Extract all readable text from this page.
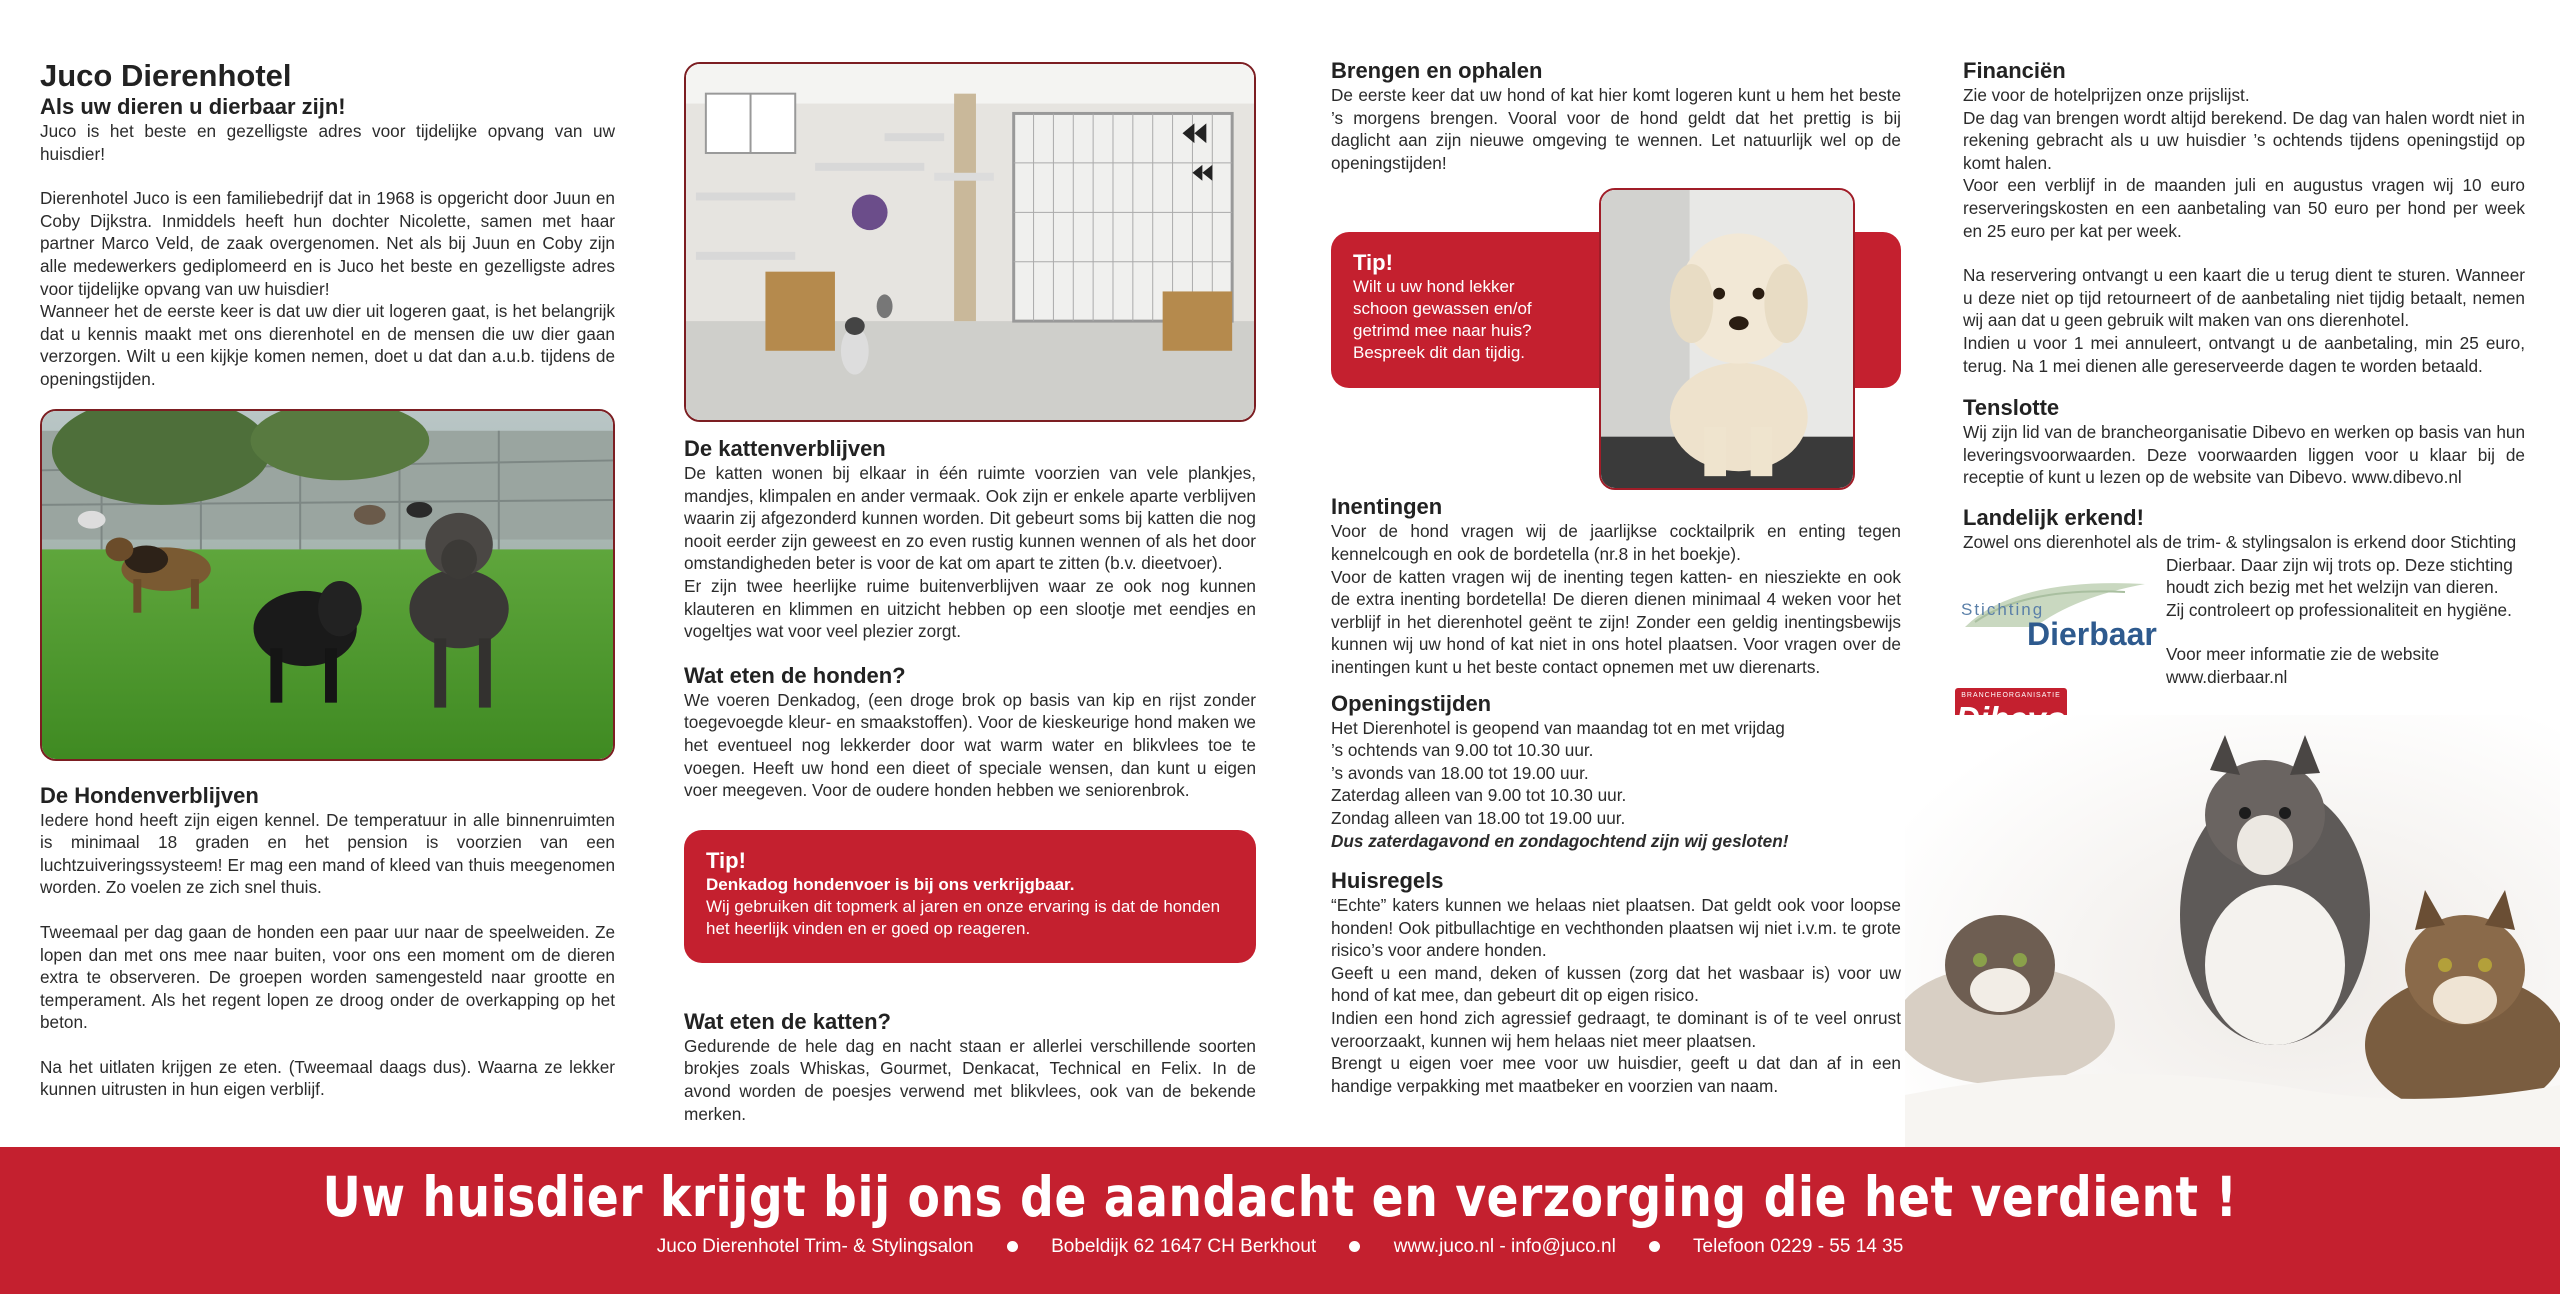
Juco Dierenhotel
Als uw dieren u dierbaar zijn!

Juco is het beste en gezelligste adres voor tijdelijke opvang van uw huisdier!

Dierenhotel Juco is een familiebedrijf dat in 1968 is opgericht door Juun en Coby Dijkstra. Inmiddels heeft hun dochter Nicolette, samen met haar partner Marco Veld, de zaak overgenomen. Net als bij Juun en Coby zijn alle medewerkers gediplomeerd en is Juco het beste en gezelligste adres voor tijdelijke opvang van uw huisdier!

Wanneer het de eerste keer is dat uw dier uit logeren gaat, is het belangrijk dat u kennis maakt met ons dierenhotel en de mensen die uw dier gaan verzorgen. Wilt u een kijkje komen nemen, doet u dat dan a.u.b. tijdens de openingstijden.

De Hondenverblijven

Iedere hond heeft zijn eigen kennel. De temperatuur in alle binnenruimten is minimaal 18 graden en het pension is voorzien van een luchtzuiveringssysteem! Er mag een mand of kleed van thuis meegenomen worden. Zo voelen ze zich snel thuis.

Tweemaal per dag gaan de honden een paar uur naar de speelweiden. Ze lopen dan met ons mee naar buiten, voor ons een moment om de dieren extra te observeren. De groepen worden samengesteld naar grootte en temperament. Als het regent lopen ze droog onder de overkapping op het beton.

Na het uitlaten krijgen ze eten. (Tweemaal daags dus). Waarna ze lekker kunnen uitrusten in hun eigen verblijf.

De kattenverblijven

De katten wonen bij elkaar in één ruimte voorzien van vele plankjes, mandjes, klimpalen en ander vermaak. Ook zijn er enkele aparte verblijven waarin zij afgezonderd kunnen worden. Dit gebeurt soms bij katten die nog nooit eerder zijn geweest en zo even rustig kunnen wennen of als het door omstandigheden beter is voor de kat om apart te zitten (b.v. dieetvoer).

Er zijn twee heerlijke ruime buitenverblijven waar ze ook nog kunnen klauteren en klimmen en uitzicht hebben op een slootje met eendjes en vogeltjes wat voor veel plezier zorgt.

Wat eten de honden?

We voeren Denkadog, (een droge brok op basis van kip en rijst zonder toegevoegde kleur- en smaakstoffen). Voor de kieskeurige hond maken we het eventueel nog lekkerder door wat warm water en blikvlees toe te voegen. Heeft uw hond een dieet of speciale wensen, dan kunt u eigen voer meegeven. Voor de oudere honden hebben we seniorenbrok.

Tip!
Denkadog hondenvoer is bij ons verkrijgbaar.
Wij gebruiken dit topmerk al jaren en onze ervaring is dat de honden het heerlijk vinden en er goed op reageren.
Wat eten de katten?

Gedurende de hele dag en nacht staan er allerlei verschillende soorten brokjes zoals Whiskas, Gourmet, Denkacat, Technical en Felix. In de avond worden de poesjes verwend met blikvlees, ook van de bekende merken.

Brengen en ophalen

De eerste keer dat uw hond of kat hier komt logeren kunt u hem het beste ’s morgens brengen. Vooral voor de hond geldt dat het prettig is bij daglicht aan zijn nieuwe omgeving te wennen. Let natuurlijk wel op de openingstijden!

Tip!
Wilt u uw hond lekker
schoon gewassen en/of
getrimd mee naar huis?
Bespreek dit dan tijdig.
Inentingen

Voor de hond vragen wij de jaarlijkse cocktailprik en enting tegen kennelcough en ook de bordetella (nr.8 in het boekje).

Voor de katten vragen wij de inenting tegen katten- en niesziekte en ook de extra inenting bordetella! De dieren dienen minimaal 4 weken voor het verblijf in het dierenhotel geënt te zijn! Zonder een geldig inentingsbewijs kunnen wij uw hond of kat niet in ons hotel plaatsen. Voor vragen over de inentingen kunt u het beste contact opnemen met uw dierenarts.

Openingstijden

Het Dierenhotel is geopend van maandag tot en met vrijdag

’s ochtends van 9.00 tot 10.30 uur.

’s avonds van 18.00 tot 19.00 uur.

Zaterdag alleen van 9.00 tot 10.30 uur.

Zondag alleen van 18.00 tot 19.00 uur.

Dus zaterdagavond en zondagochtend zijn wij gesloten!

Huisregels

“Echte” katers kunnen we helaas niet plaatsen. Dat geldt ook voor loopse honden! Ook pitbullachtige en vechthonden plaatsen wij niet i.v.m. te grote risico’s voor andere honden.

Geeft u een mand, deken of kussen (zorg dat het wasbaar is) voor uw hond of kat mee, dan gebeurt dit op eigen risico.

Indien een hond zich agressief gedraagt, te dominant is of te veel onrust veroorzaakt, kunnen wij hem helaas niet meer plaatsen.

Brengt u eigen voer mee voor uw huisdier, geeft u dat dan af in een handige verpakking met maatbeker en voorzien van naam.

Financiën

Zie voor de hotelprijzen onze prijslijst.

De dag van brengen wordt altijd berekend. De dag van halen wordt niet in rekening gebracht als u uw huisdier ’s ochtends tijdens openingstijd op komt halen.

Voor een verblijf in de maanden juli en augustus vragen wij 10 euro reserveringskosten en een aanbetaling van 50 euro per hond per week en 25 euro per kat per week.

Na reservering ontvangt u een kaart die u terug dient te sturen. Wanneer u deze niet op tijd retourneert of de aanbetaling niet tijdig betaalt, nemen wij aan dat u geen gebruik wilt maken van ons dierenhotel.

Indien u voor 1 mei annuleert, ontvangt u de aanbetaling, min 25 euro, terug. Na 1 mei dienen alle gereserveerde dagen te worden betaald.

Tenslotte

Wij zijn lid van de brancheorganisatie Dibevo en werken op basis van hun leveringsvoorwaarden. Deze voorwaarden liggen voor u klaar bij de receptie of kunt u lezen op de website van Dibevo. www.dibevo.nl

Landelijk erkend!

Zowel ons dierenhotel als de trim- & stylingsalon is erkend door Stichting

Stichting
Dierbaar

Dierbaar. Daar zijn wij trots op. Deze stichting

houdt zich bezig met het welzijn van dieren.

Zij controleert op professionaliteit en hygiëne.

Voor meer informatie zie de website

www.dierbaar.nl

BRANCHEORGANISATIE
Uw huisdier krijgt bij ons de aandacht en verzorging die het verdient !
Juco Dierenhotel Trim- & Stylingsalon	Bobeldijk 62 1647 CH Berkhout	www.juco.nl - info@juco.nl	Telefoon 0229 - 55 14 35
